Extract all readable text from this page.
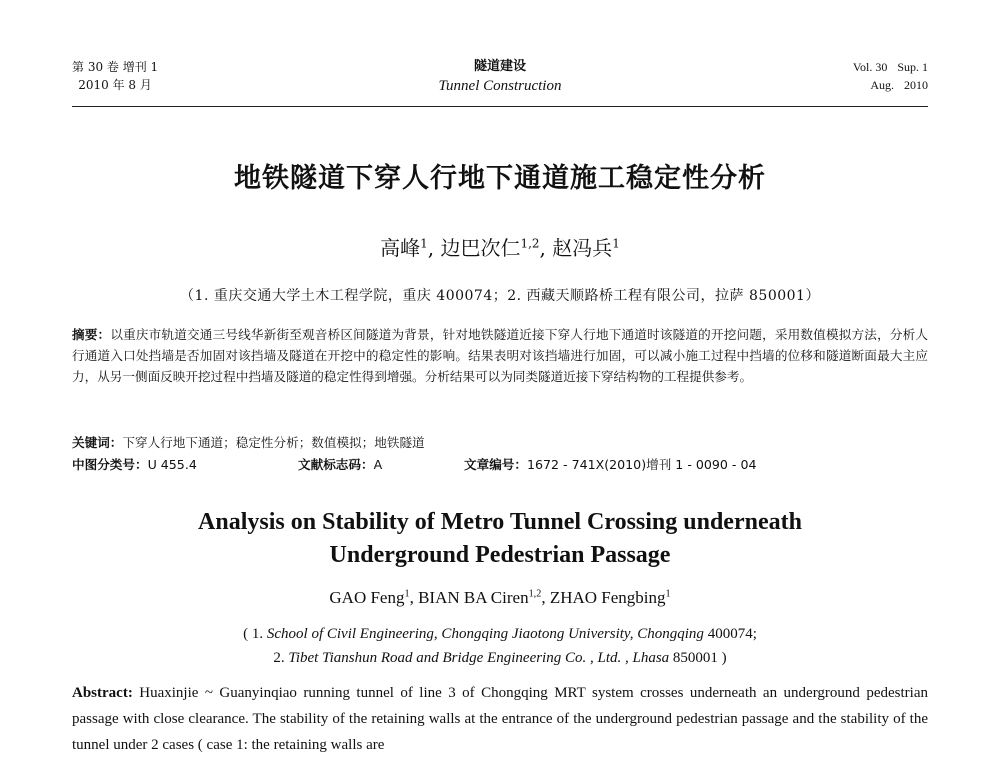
第 30 卷 增刊 1
2010 年 8 月
隧道建设
Tunnel Construction
Vol. 30 Sup. 1
Aug. 2010
地铁隧道下穿人行地下通道施工稳定性分析
高峰$^1$, 边巴次仁$^{1,2}$, 赵冯兵$^1$
（1. 重庆交通大学土木工程学院，重庆 400074；2. 西藏天顺路桥工程有限公司，拉萨 850001）
摘要：以重庆市轨道交通三号线华新街至观音桥区间隧道为背景，针对地铁隧道近接下穿人行地下通道时该隧道的开挖问题，采用数值模拟方法，分析人行通道入口处挡墙是否加固对该挡墙及隧道在开挖中的稳定性的影响。结果表明对该挡墙进行加固，可以减小施工过程中挡墙的位移和隧道断面最大主应力，从另一侧面反映开挖过程中挡墙及隧道的稳定性得到增强。分析结果可以为同类隧道近接下穿结构物的工程提供参考。
关键词：下穿人行地下通道；稳定性分析；数值模拟；地铁隧道
中图分类号：U 455.4	文献标志码：A	文章编号：1672 - 741X(2010)增刊 1 - 0090 - 04
Analysis on Stability of Metro Tunnel Crossing underneath
Underground Pedestrian Passage
GAO Feng$^1$, BIAN BA Ciren$^{1,2}$, ZHAO Fengbing$^1$
( 1. School of Civil Engineering, Chongqing Jiaotong University, Chongqing 400074;
2. Tibet Tianshun Road and Bridge Engineering Co. , Ltd. , Lhasa 850001 )
Abstract: Huaxinjie ~ Guanyinqiao running tunnel of line 3 of Chongqing MRT system crosses underneath an underground pedestrian passage with close clearance. The stability of the retaining walls at the entrance of the underground pedestrian passage and the stability of the tunnel under 2 cases ( case 1: the retaining walls are
